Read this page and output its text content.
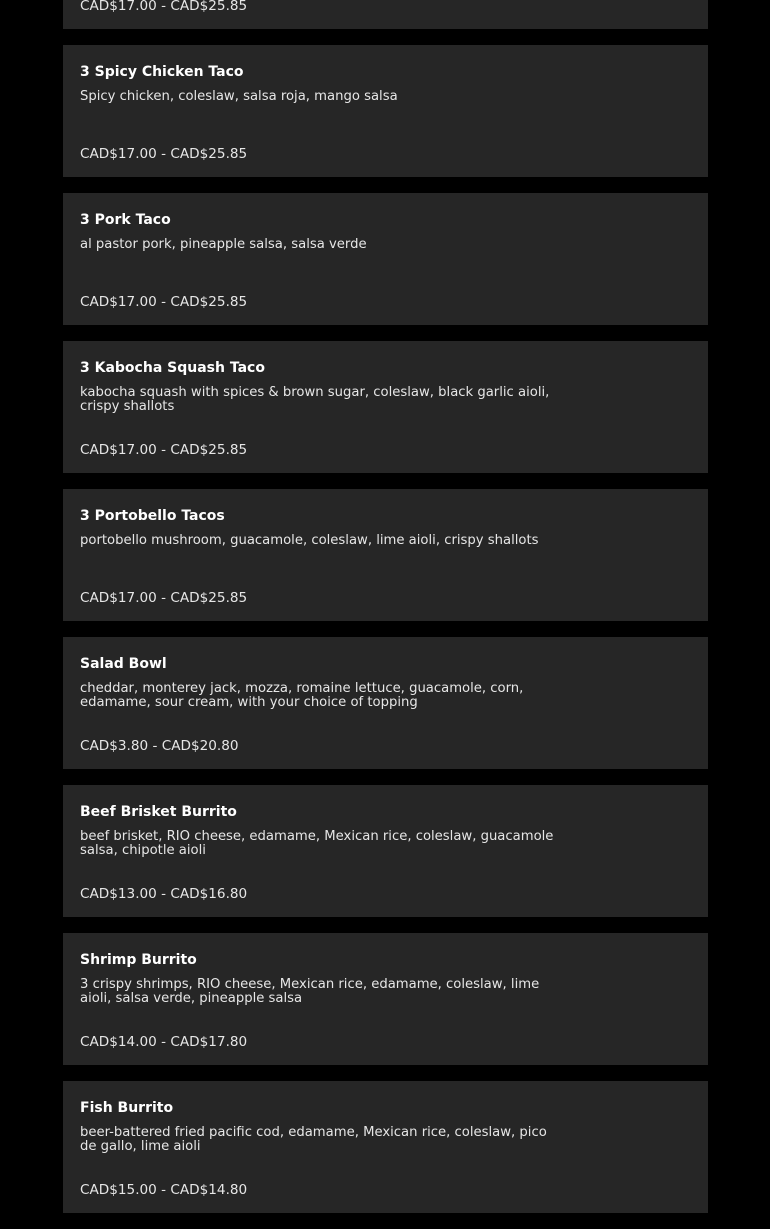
CAD$17.00 - CAD$25.85
3 Spicy Chicken Taco
Spicy chicken, coleslaw, salsa roja, mango salsa
CAD$17.00 - CAD$25.85
3 Pork Taco
al pastor pork, pineapple salsa, salsa verde
CAD$17.00 - CAD$25.85
3 Kabocha Squash Taco
kabocha squash with spices & brown sugar, coleslaw, black garlic aioli, crispy shallots
CAD$17.00 - CAD$25.85
3 Portobello Tacos
portobello mushroom, guacamole, coleslaw, lime aioli, crispy shallots
CAD$17.00 - CAD$25.85
Salad Bowl
cheddar, monterey jack, mozza, romaine lettuce, guacamole, corn, edamame, sour cream, with your choice of topping
CAD$3.80 - CAD$20.80
Beef Brisket Burrito
beef brisket, RIO cheese, edamame, Mexican rice, coleslaw, guacamole salsa, chipotle aioli
CAD$13.00 - CAD$16.80
Shrimp Burrito
3 crispy shrimps, RIO cheese, Mexican rice, edamame, coleslaw, lime aioli, salsa verde, pineapple salsa
CAD$14.00 - CAD$17.80
Fish Burrito
beer-battered fried pacific cod, edamame, Mexican rice, coleslaw, pico de gallo, lime aioli
CAD$15.00 - CAD$14.80
